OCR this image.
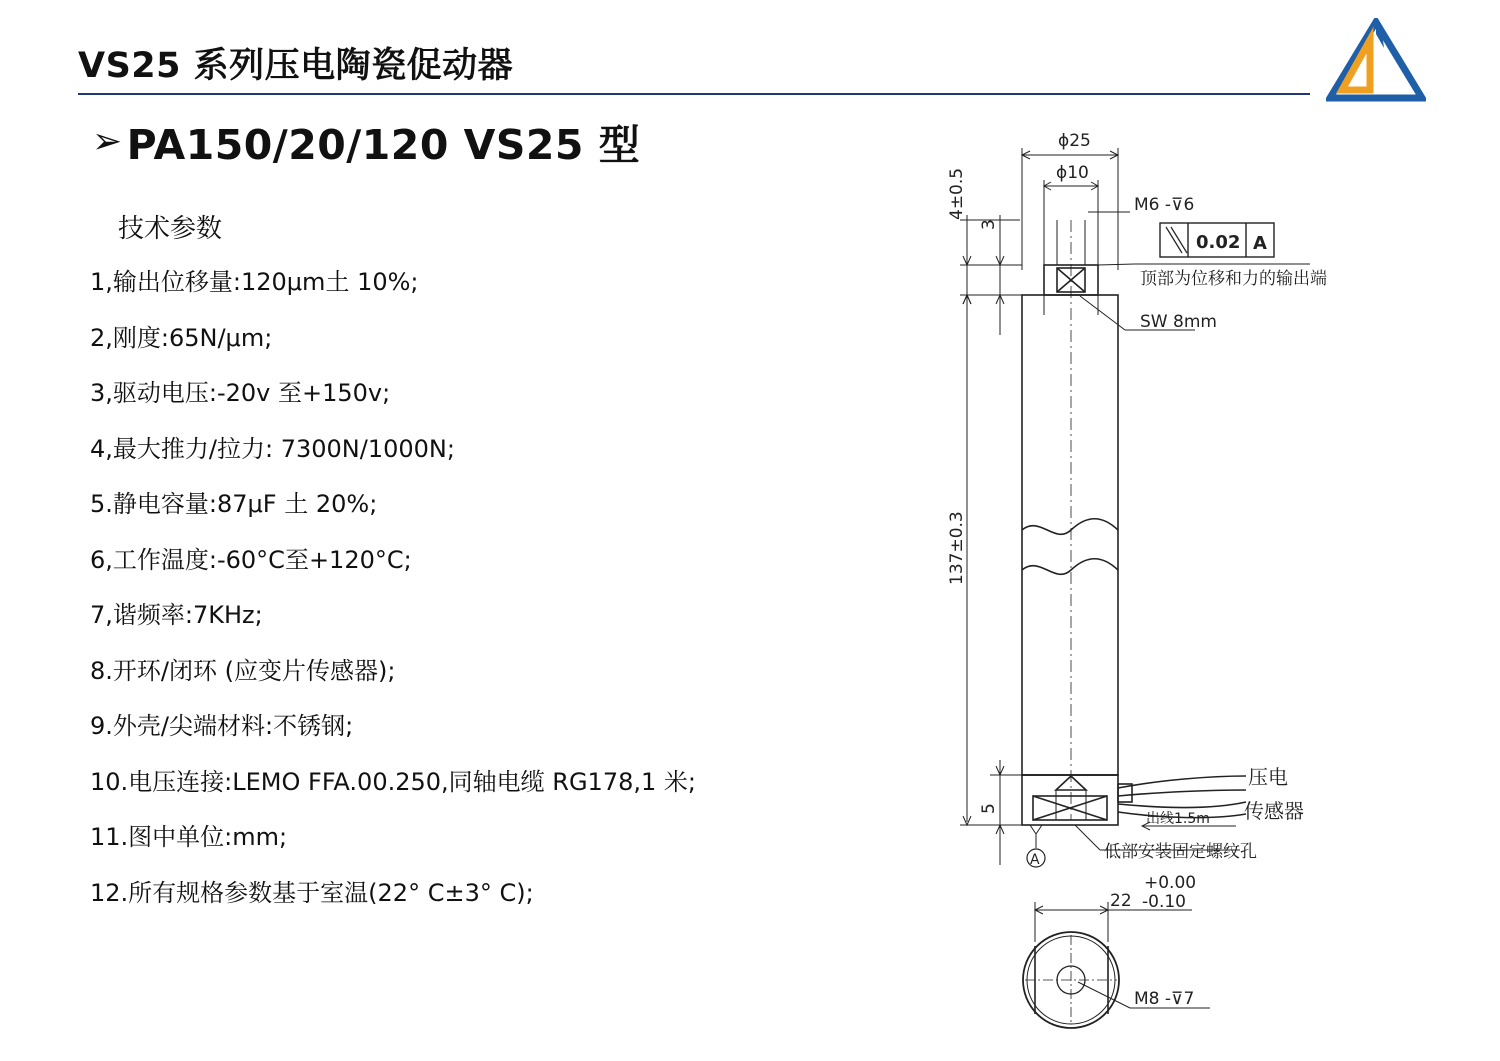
VS25 系列压电陶瓷促动器
➢ PA150/20/120 VS25 型
技术参数
1,输出位移量:120μm土 10%;
2,刚度:65N/μm;
3,驱动电压:-20v 至+150v;
4,最大推力/拉力: 7300N/1000N;
5.静电容量:87μF 土 20%;
6,工作温度:-60°C至+120°C;
7,谐频率:7KHz;
8.开环/闭环 (应变片传感器);
9.外壳/尖端材料:不锈钢;
10.电压连接:LEMO FFA.00.250,同轴电缆 RG178,1 米;
11.图中单位:mm;
12.所有规格参数基于室温(22° C±3° C);
ϕ25
ϕ10
M6 -⊽6
4±0.5
3
0.02 A
顶部为位移和力的输出端
SW 8mm
137±0.3
5
压电
传感器
出线1.5m
低部安装固定螺纹孔
A
22
+0.00
-0.10
M8 -⊽7
